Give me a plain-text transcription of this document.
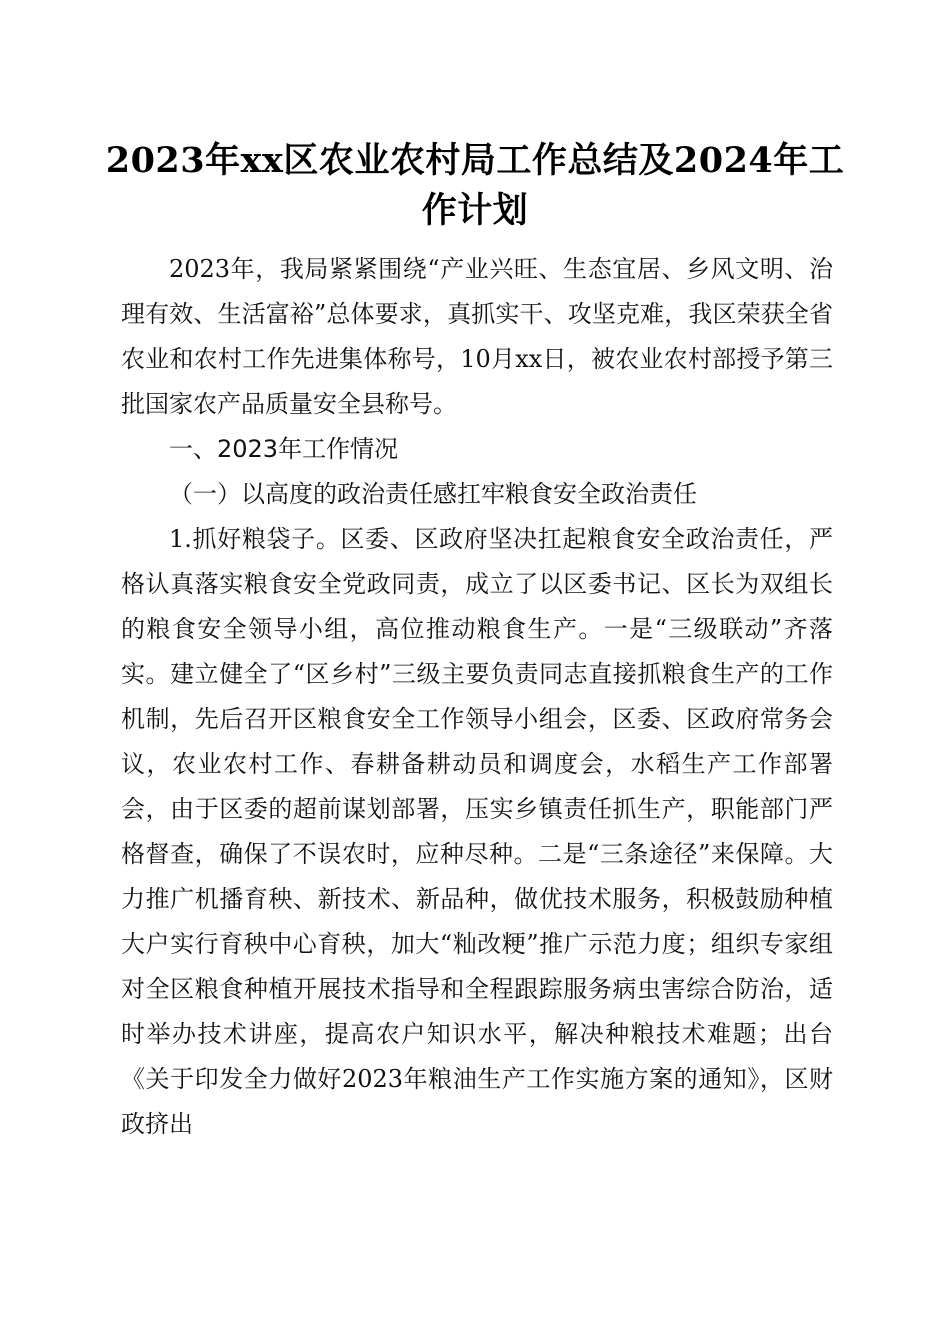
2023年xx区农业农村局工作总结及2024年工作计划

2023年，我局紧紧围绕“产业兴旺、生态宜居、乡风文明、治理有效、生活富裕”总体要求，真抓实干、攻坚克难，我区荣获全省农业和农村工作先进集体称号，10月xx日，被农业农村部授予第三批国家农产品质量安全县称号。

一、2023年工作情况

（一）以高度的政治责任感扛牢粮食安全政治责任

1.抓好粮袋子。区委、区政府坚决扛起粮食安全政治责任，严格认真落实粮食安全党政同责，成立了以区委书记、区长为双组长的粮食安全领导小组，高位推动粮食生产。一是“三级联动”齐落实。建立健全了“区乡村”三级主要负责同志直接抓粮食生产的工作机制，先后召开区粮食安全工作领导小组会，区委、区政府常务会议，农业农村工作、春耕备耕动员和调度会，水稻生产工作部署会，由于区委的超前谋划部署，压实乡镇责任抓生产，职能部门严格督查，确保了不误农时，应种尽种。二是“三条途径”来保障。大力推广机播育秧、新技术、新品种，做优技术服务，积极鼓励种植大户实行育秧中心育秧，加大“籼改粳”推广示范力度；组织专家组对全区粮食种植开展技术指导和全程跟踪服务病虫害综合防治，适时举办技术讲座，提高农户知识水平，解决种粮技术难题；出台《关于印发全力做好2023年粮油生产工作实施方案的通知》，区财政挤出
